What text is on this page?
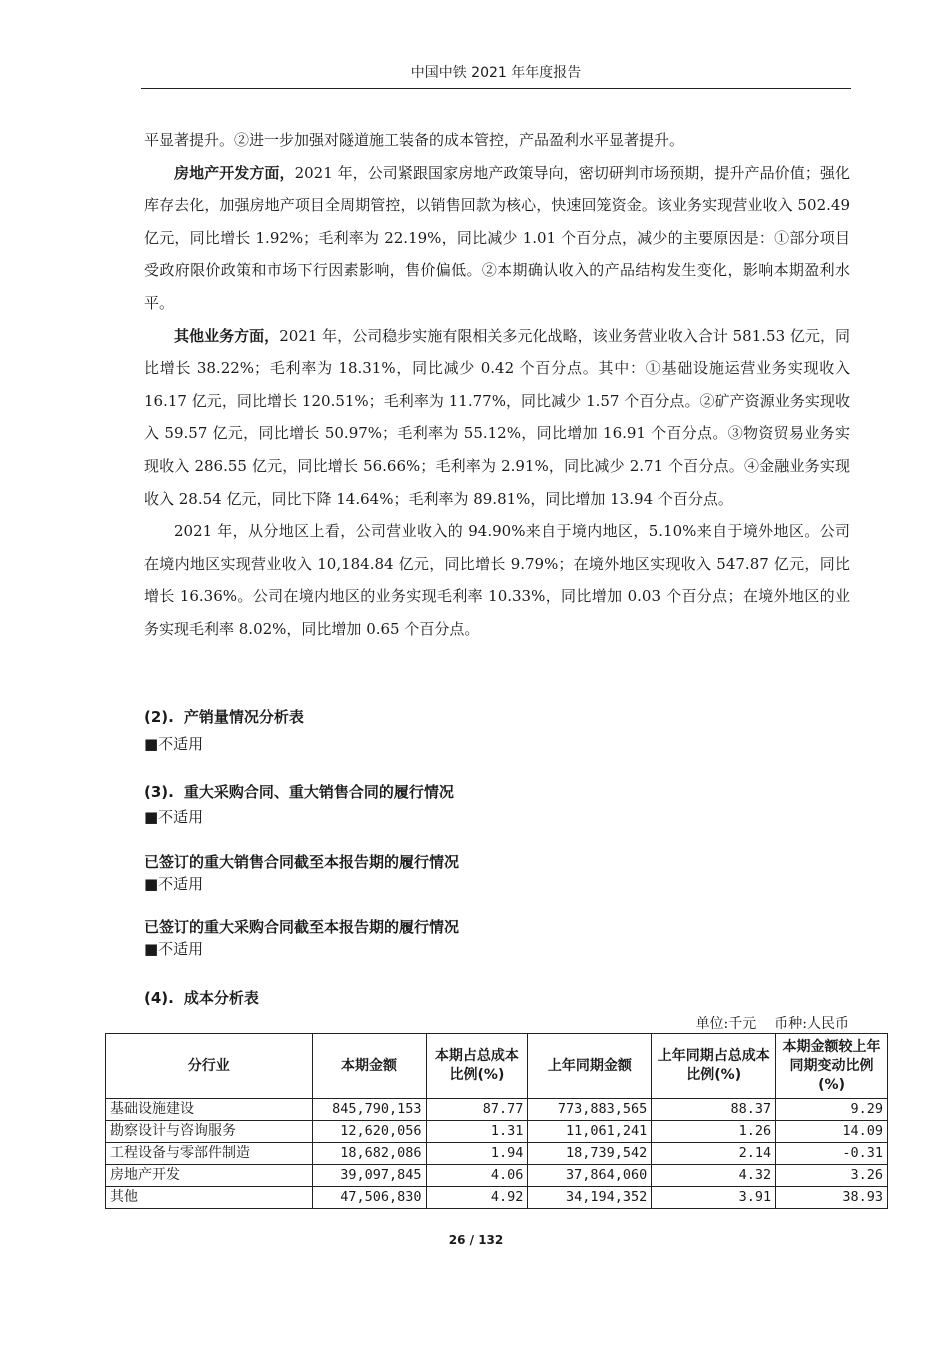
中国中铁 2021 年年度报告

平显著提升。②进一步加强对隧道施工装备的成本管控，产品盈利水平显著提升。

房地产开发方面，2021 年，公司紧跟国家房地产政策导向，密切研判市场预期，提升产品价值；强化库存去化，加强房地产项目全周期管控，以销售回款为核心，快速回笼资金。该业务实现营业收入 502.49 亿元，同比增长 1.92%；毛利率为 22.19%，同比减少 1.01 个百分点，减少的主要原因是：①部分项目受政府限价政策和市场下行因素影响，售价偏低。②本期确认收入的产品结构发生变化，影响本期盈利水平。

其他业务方面，2021 年，公司稳步实施有限相关多元化战略，该业务营业收入合计 581.53 亿元，同比增长 38.22%；毛利率为 18.31%，同比减少 0.42 个百分点。其中：①基础设施运营业务实现收入 16.17 亿元，同比增长 120.51%；毛利率为 11.77%，同比减少 1.57 个百分点。②矿产资源业务实现收入 59.57 亿元，同比增长 50.97%；毛利率为 55.12%，同比增加 16.91 个百分点。③物资贸易业务实现收入 286.55 亿元，同比增长 56.66%；毛利率为 2.91%，同比减少 2.71 个百分点。④金融业务实现收入 28.54 亿元，同比下降 14.64%；毛利率为 89.81%，同比增加 13.94 个百分点。

2021 年，从分地区上看，公司营业收入的 94.90%来自于境内地区，5.10%来自于境外地区。公司在境内地区实现营业收入 10,184.84 亿元，同比增长 9.79%；在境外地区实现收入 547.87 亿元，同比增长 16.36%。公司在境内地区的业务实现毛利率 10.33%，同比增加 0.03 个百分点；在境外地区的业务实现毛利率 8.02%，同比增加 0.65 个百分点。

(2). 产销量情况分析表
■不适用
(3). 重大采购合同、重大销售合同的履行情况
■不适用
已签订的重大销售合同截至本报告期的履行情况
■不适用
已签订的重大采购合同截至本报告期的履行情况
■不适用
(4). 成本分析表
单位:千元 币种:人民币
分行业	本期金额	本期占总成本比例(%)	上年同期金额	上年同期占总成本比例(%)	本期金额较上年同期变动比例(%)
基础设施建设	845,790,153	87.77	773,883,565	88.37	9.29
勘察设计与咨询服务	12,620,056	1.31	11,061,241	1.26	14.09
工程设备与零部件制造	18,682,086	1.94	18,739,542	2.14	-0.31
房地产开发	39,097,845	4.06	37,864,060	4.32	3.26
其他	47,506,830	4.92	34,194,352	3.91	38.93
26 / 132
